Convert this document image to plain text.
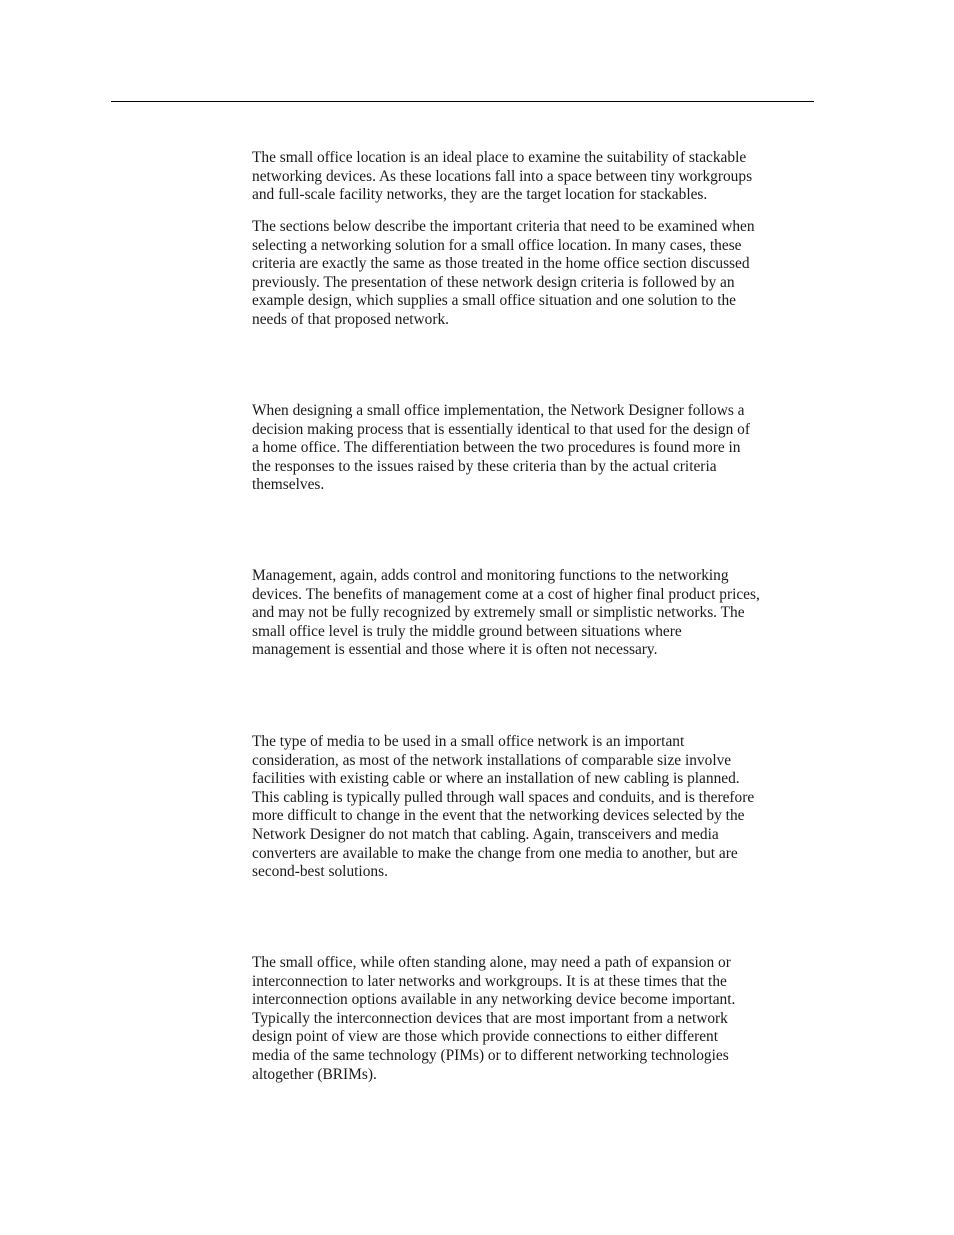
The small office location is an ideal place to examine the suitability of stackable
networking devices. As these locations fall into a space between tiny workgroups
and full-scale facility networks, they are the target location for stackables.

The sections below describe the important criteria that need to be examined when
selecting a networking solution for a small office location. In many cases, these
criteria are exactly the same as those treated in the home office section discussed
previously. The presentation of these network design criteria is followed by an
example design, which supplies a small office situation and one solution to the
needs of that proposed network.

When designing a small office implementation, the Network Designer follows a
decision making process that is essentially identical to that used for the design of
a home office. The differentiation between the two procedures is found more in
the responses to the issues raised by these criteria than by the actual criteria
themselves.

Management, again, adds control and monitoring functions to the networking
devices. The benefits of management come at a cost of higher final product prices,
and may not be fully recognized by extremely small or simplistic networks. The
small office level is truly the middle ground between situations where
management is essential and those where it is often not necessary.

The type of media to be used in a small office network is an important
consideration, as most of the network installations of comparable size involve
facilities with existing cable or where an installation of new cabling is planned.
This cabling is typically pulled through wall spaces and conduits, and is therefore
more difficult to change in the event that the networking devices selected by the
Network Designer do not match that cabling. Again, transceivers and media
converters are available to make the change from one media to another, but are
second-best solutions.

The small office, while often standing alone, may need a path of expansion or
interconnection to later networks and workgroups. It is at these times that the
interconnection options available in any networking device become important.
Typically the interconnection devices that are most important from a network
design point of view are those which provide connections to either different
media of the same technology (PIMs) or to different networking technologies
altogether (BRIMs).
